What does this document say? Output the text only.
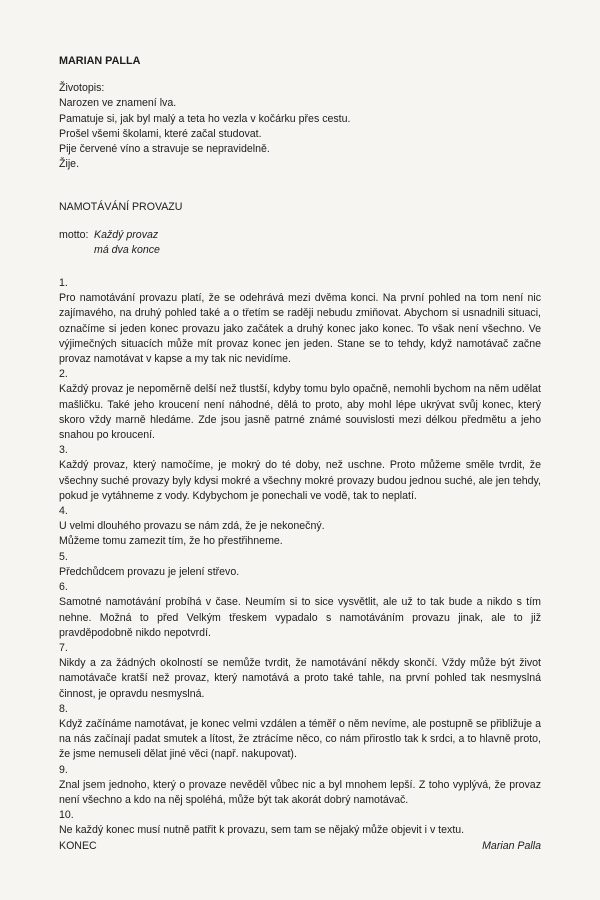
MARIAN PALLA

Životopis:

Narozen ve znamení lva.

Pamatuje si, jak byl malý a teta ho vezla v kočárku přes cestu.

Prošel všemi školami, které začal studovat.

Pije červené víno a stravuje se nepravidelně.

Žije.

NAMOTÁVÁNÍ PROVAZU
motto: Každý provaz
má dva konce

1.

Pro namotávání provazu platí, že se odehrává mezi dvěma konci. Na první pohled na tom není nic zajímavého, na druhý pohled také a o třetím se raději nebudu zmiňovat. Abychom si usnadnili situaci, označíme si jeden konec provazu jako začátek a druhý konec jako konec. To však není všechno. Ve výjimečných situacích může mít provaz konec jen jeden. Stane se to tehdy, když namotávač začne provaz namotávat v kapse a my tak nic nevidíme.

2.

Každý provaz je nepoměrně delší než tlustší, kdyby tomu bylo opačně, nemohli bychom na něm udělat mašličku. Také jeho kroucení není náhodné, dělá to proto, aby mohl lépe ukrývat svůj konec, který skoro vždy marně hledáme. Zde jsou jasně patrné známé souvislosti mezi délkou předmětu a jeho snahou po kroucení.

3.

Každý provaz, který namočíme, je mokrý do té doby, než uschne. Proto můžeme směle tvrdit, že všechny suché provazy byly kdysi mokré a všechny mokré provazy budou jednou suché, ale jen tehdy, pokud je vytáhneme z vody. Kdybychom je ponechali ve vodě, tak to neplatí.

4.

U velmi dlouhého provazu se nám zdá, že je nekonečný.
Můžeme tomu zamezit tím, že ho přestřihneme.

5.

Předchůdcem provazu je jelení střevo.

6.

Samotné namotávání probíhá v čase. Neumím si to sice vysvětlit, ale už to tak bude a nikdo s tím nehne. Možná to před Velkým třeskem vypadalo s namotáváním provazu jinak, ale to již pravděpodobně nikdo nepotvrdí.

7.

Nikdy a za žádných okolností se nemůže tvrdit, že namotávání někdy skončí. Vždy může být život namotávače kratší než provaz, který namotává a proto také tahle, na první pohled tak nesmyslná činnost, je opravdu nesmyslná.

8.

Když začínáme namotávat, je konec velmi vzdálen a téměř o něm nevíme, ale postupně se přibližuje a na nás začínají padat smutek a lítost, že ztrácíme něco, co nám přirostlo tak k srdci, a to hlavně proto, že jsme nemuseli dělat jiné věci (např. nakupovat).

9.

Znal jsem jednoho, který o provaze nevěděl vůbec nic a byl mnohem lepší. Z toho vyplývá, že provaz není všechno a kdo na něj spoléhá, může být tak akorát dobrý namotávač.

10.

Ne každý konec musí nutně patřit k provazu, sem tam se nějaký může objevit i v textu.

KONEC	Marian Palla
